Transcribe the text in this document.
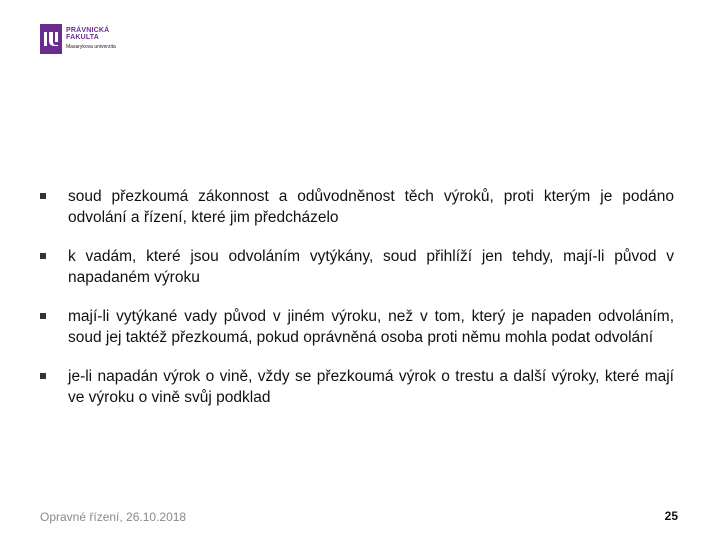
PRÁVNICKÁ
FAKULTA
Masarykova univerzita
soud přezkoumá zákonnost a odůvodněnost těch výroků, proti kterým je podáno odvolání a řízení, které jim předcházelo
k vadám, které jsou odvoláním vytýkány, soud přihlíží jen tehdy, mají-li původ v napadaném výroku
mají-li vytýkané vady původ v jiném výroku, než v tom, který je napaden odvoláním, soud jej taktéž přezkoumá, pokud oprávněná osoba proti němu mohla podat odvolání
je-li napadán výrok o vině, vždy se přezkoumá výrok o trestu a další výroky, které mají ve výroku o vině svůj podklad
Opravné řízení, 26.10.2018	25
